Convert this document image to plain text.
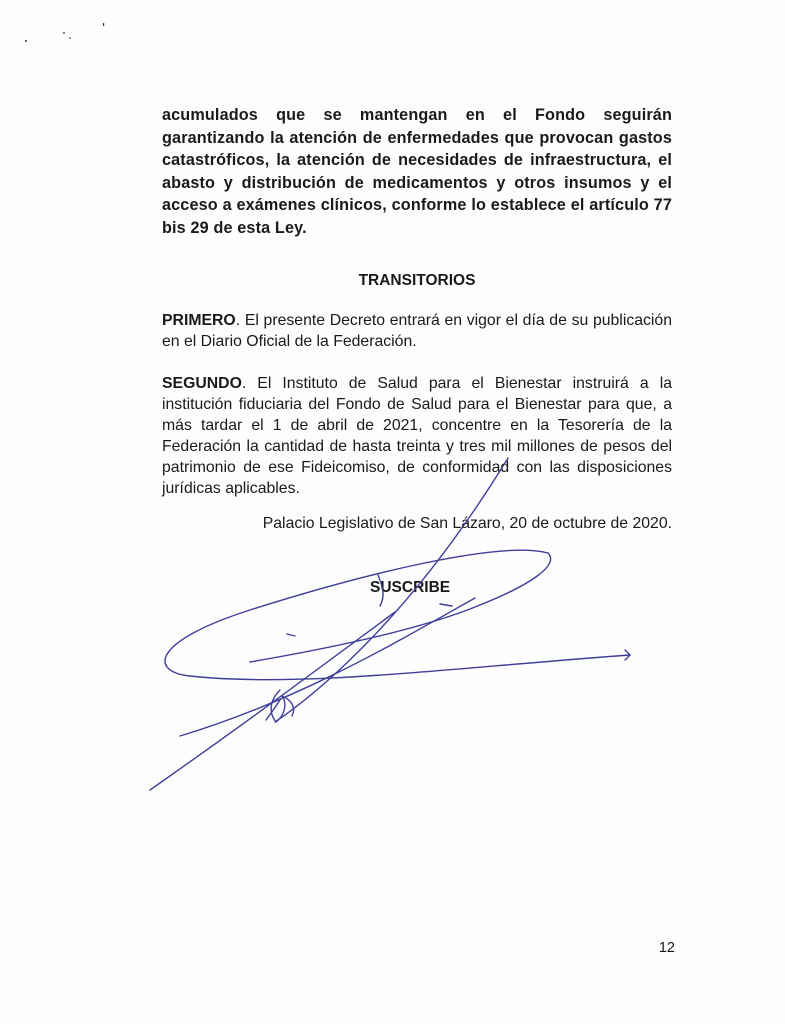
acumulados que se mantengan en el Fondo seguirán garantizando la atención de enfermedades que provocan gastos catastróficos, la atención de necesidades de infraestructura, el abasto y distribución de medicamentos y otros insumos y el acceso a exámenes clínicos, conforme lo establece el artículo 77 bis 29 de esta Ley.

TRANSITORIOS

PRIMERO. El presente Decreto entrará en vigor el día de su publicación en el Diario Oficial de la Federación.

SEGUNDO. El Instituto de Salud para el Bienestar instruirá a la institución fiduciaria del Fondo de Salud para el Bienestar para que, a más tardar el 1 de abril de 2021, concentre en la Tesorería de la Federación la cantidad de hasta treinta y tres mil millones de pesos del patrimonio de ese Fideicomiso, de conformidad con las disposiciones jurídicas aplicables.

Palacio Legislativo de San Lázaro, 20 de octubre de 2020.

SUSCRIBE

12
